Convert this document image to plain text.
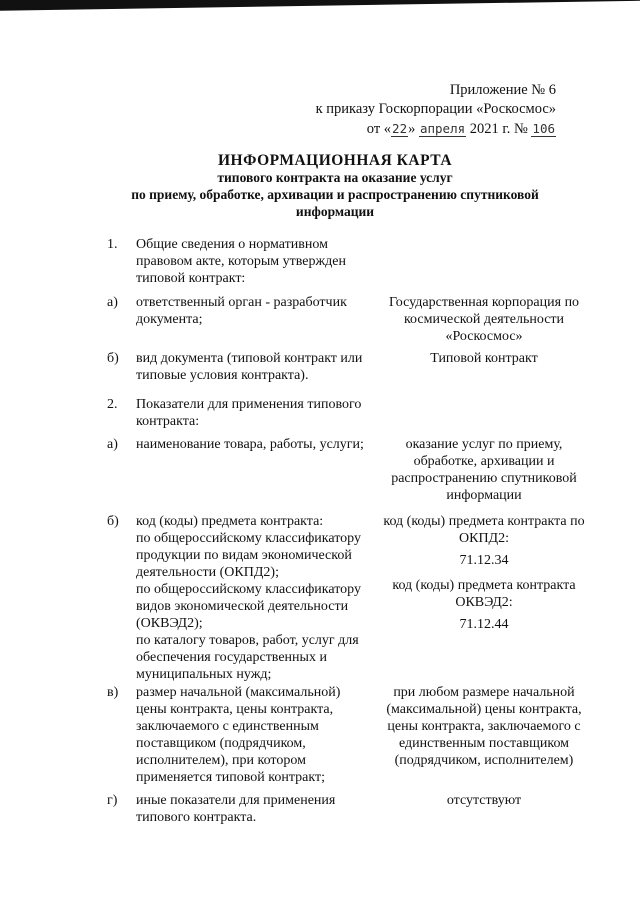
Приложение № 6
к приказу Госкорпорации «Роскосмос»
от «22» апреля 2021 г. № 106
ИНФОРМАЦИОННАЯ КАРТА
типового контракта на оказание услуг
по приему, обработке, архивации и распространению спутниковой
информации
1. Общие сведения о нормативном правовом акте, которым утвержден типовой контракт:
а) ответственный орган - разработчик документа;
Государственная корпорация по космической деятельности «Роскосмос»
б) вид документа (типовой контракт или типовые условия контракта).
Типовой контракт
2. Показатели для применения типового контракта:
а) наименование товара, работы, услуги;	оказание услуг по приему, обработке, архивации и распространению спутниковой информации
б) код (коды) предмета контракта:
по общероссийскому классификатору продукции по видам экономической деятельности (ОКПД2);
по общероссийскому классификатору видов экономической деятельности (ОКВЭД2);
по каталогу товаров, работ, услуг для обеспечения государственных и муниципальных нужд;

код (коды) предмета контракта по ОКПД2:

71.12.34

код (коды) предмета контракта ОКВЭД2:

71.12.44

в) размер начальной (максимальной) цены контракта, цены контракта, заключаемого с единственным поставщиком (подрядчиком, исполнителем), при котором применяется типовой контракт;
при любом размере начальной (максимальной) цены контракта, цены контракта, заключаемого с единственным поставщиком (подрядчиком, исполнителем)
г) иные показатели для применения типового контракта.
отсутствуют
